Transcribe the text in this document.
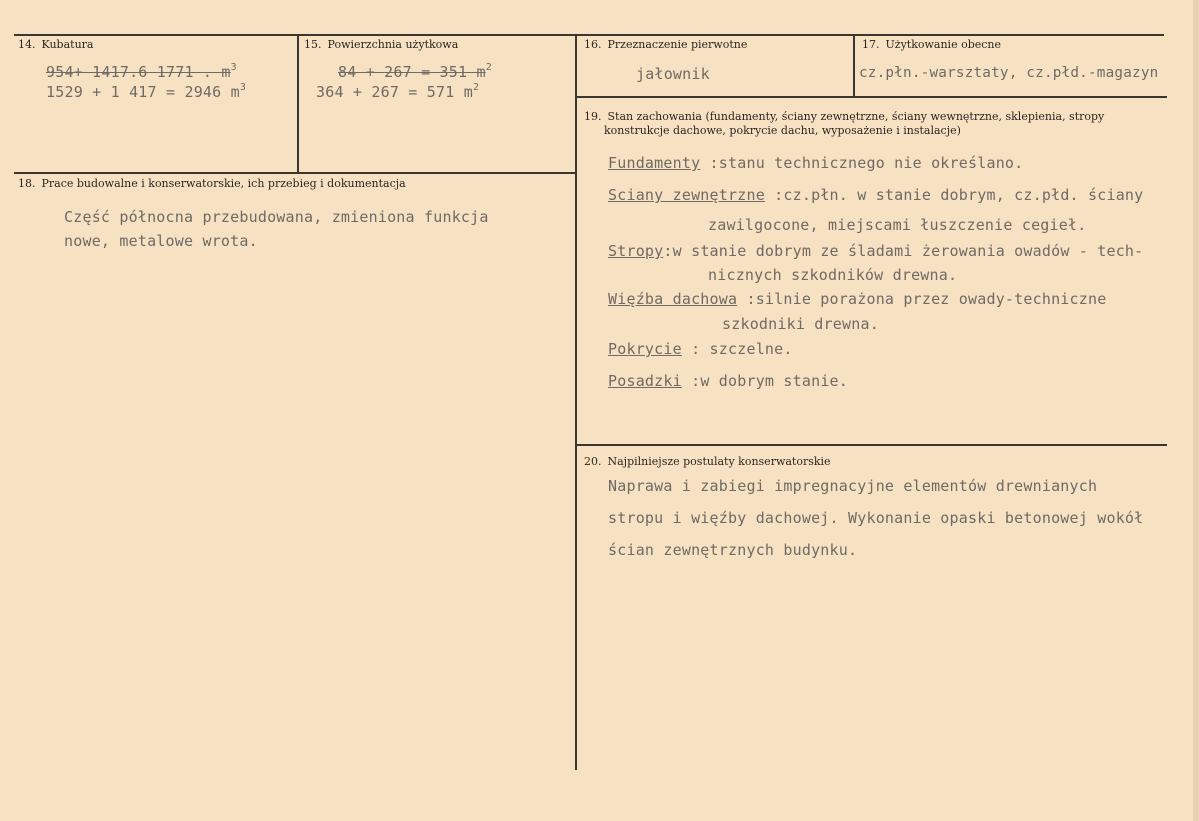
14. Kubatura
954+ 1417.6 1771 . $m^3$
1529 + 1 417 = 2946 $m^3$
15. Powierzchnia użytkowa
84 + 267 = 351 $m^2$
364 + 267 = 571 $m^2$
16. Przeznaczenie pierwotne
jałownik
17. Użytkowanie obecne
cz.płn.-warsztaty, cz.płd.-magazyn
18. Prace budowalne i konserwatorskie, ich przebieg i dokumentacja
Część północna przebudowana, zmieniona funkcja
nowe, metalowe wrota.
19. Stan zachowania (fundamenty, ściany zewnętrzne, ściany wewnętrzne, sklepienia, stropy
konstrukcje dachowe, pokrycie dachu, wyposażenie i instalacje)
Fundamenty :stanu technicznego nie określano.
Sciany zewnętrzne :cz.płn. w stanie dobrym, cz.płd. ściany
zawilgocone, miejscami łuszczenie cegieł.
Stropy:w stanie dobrym ze śladami żerowania owadów - tech-
nicznych szkodników drewna.
Więźba dachowa :silnie porażona przez owady-techniczne
szkodniki drewna.
Pokrycie : szczelne.
Posadzki :w dobrym stanie.
20. Najpilniejsze postulaty konserwatorskie
Naprawa i zabiegi impregnacyjne elementów drewnianych
stropu i więźby dachowej. Wykonanie opaski betonowej wokół
ścian zewnętrznych budynku.
